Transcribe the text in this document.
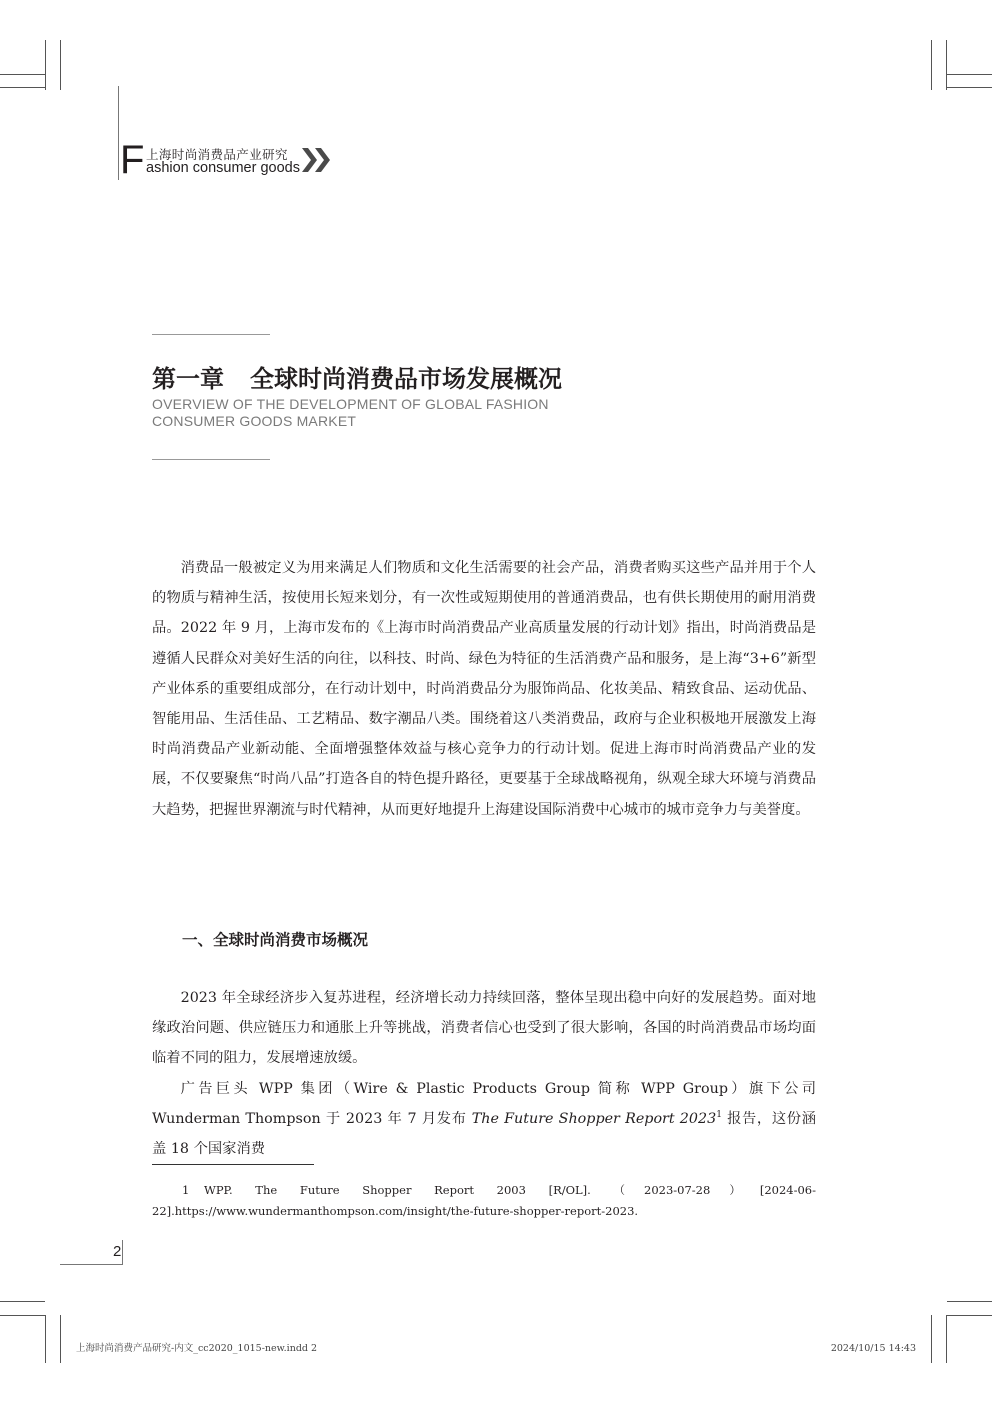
F 上海时尚消费品产业研究
ashion consumer goods
第一章 全球时尚消费品市场发展概况
OVERVIEW OF THE DEVELOPMENT OF GLOBAL FASHION
CONSUMER GOODS MARKET

消费品一般被定义为用来满足人们物质和文化生活需要的社会产品，消费者购买这些产品并用于个人的物质与精神生活，按使用长短来划分，有一次性或短期使用的普通消费品，也有供长期使用的耐用消费品。2022 年 9 月，上海市发布的《上海市时尚消费品产业高质量发展的行动计划》指出，时尚消费品是遵循人民群众对美好生活的向往，以科技、时尚、绿色为特征的生活消费产品和服务，是上海“3+6”新型产业体系的重要组成部分，在行动计划中，时尚消费品分为服饰尚品、化妆美品、精致食品、运动优品、智能用品、生活佳品、工艺精品、数字潮品八类。围绕着这八类消费品，政府与企业积极地开展激发上海时尚消费品产业新动能、全面增强整体效益与核心竞争力的行动计划。促进上海市时尚消费品产业的发展，不仅要聚焦“时尚八品”打造各自的特色提升路径，更要基于全球战略视角，纵观全球大环境与消费品大趋势，把握世界潮流与时代精神，从而更好地提升上海建设国际消费中心城市的城市竞争力与美誉度。

一、全球时尚消费市场概况

2023 年全球经济步入复苏进程，经济增长动力持续回落，整体呈现出稳中向好的发展趋势。面对地缘政治问题、供应链压力和通胀上升等挑战，消费者信心也受到了很大影响，各国的时尚消费品市场均面临着不同的阻力，发展增速放缓。

广告巨头 WPP 集团（Wire & Plastic Products Group 简称 WPP Group）旗下公司 Wunderman Thompson 于 2023 年 7 月发布 The Future Shopper Report 2023$^1$ 报告，这份涵盖 18 个国家消费

1 WPP. The Future Shopper Report 2003 [R/OL]. （2023-07-28）[2024-06-22].https://www.wundermanthompson.com/insight/the-future-shopper-report-2023.
2
上海时尚消费产品研究-内文_cc2020_1015-new.indd 2	2024/10/15 14:43
